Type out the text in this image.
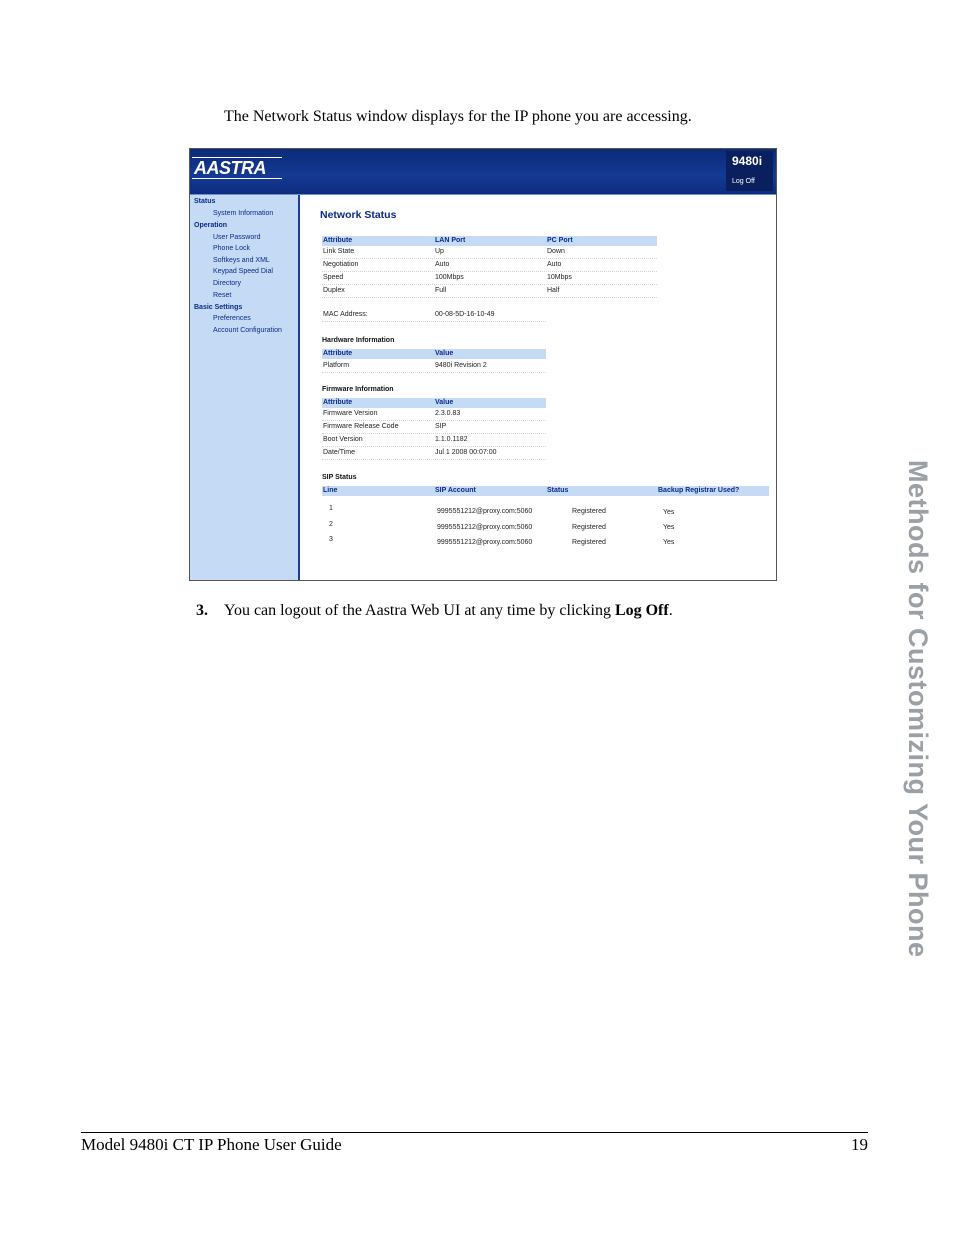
The Network Status window displays for the IP phone you are accessing.
AASTRA	9480i
Log Off
Status
System Information
Operation
User Password
Phone Lock
Softkeys and XML
Keypad Speed Dial
Directory
Reset
Basic Settings
Preferences
Account Configuration
Network Status
Attribute	LAN Port	PC Port
Link State	Up	Down
Negotiation	Auto	Auto
Speed	100Mbps	10Mbps
Duplex	Full	Half
MAC Address:	00-08-5D-16-10-49
Hardware Information
Attribute	Value
Platform	9480i Revision 2
Firmware Information
Attribute	Value
Firmware Version	2.3.0.83
Firmware Release Code	SIP
Boot Version	1.1.0.1182
Date/Time	Jul 1 2008 00:07:00
SIP Status
Line	SIP Account	Status	Backup Registrar Used?
1	9995551212@proxy.com:5060	Registered	Yes
2	9995551212@proxy.com:5060	Registered	Yes
3	9995551212@proxy.com:5060	Registered	Yes
3. You can logout of the Aastra Web UI at any time by clicking Log Off.	Methods for Customizing Your Phone
Model 9480i CT IP Phone User Guide	19
